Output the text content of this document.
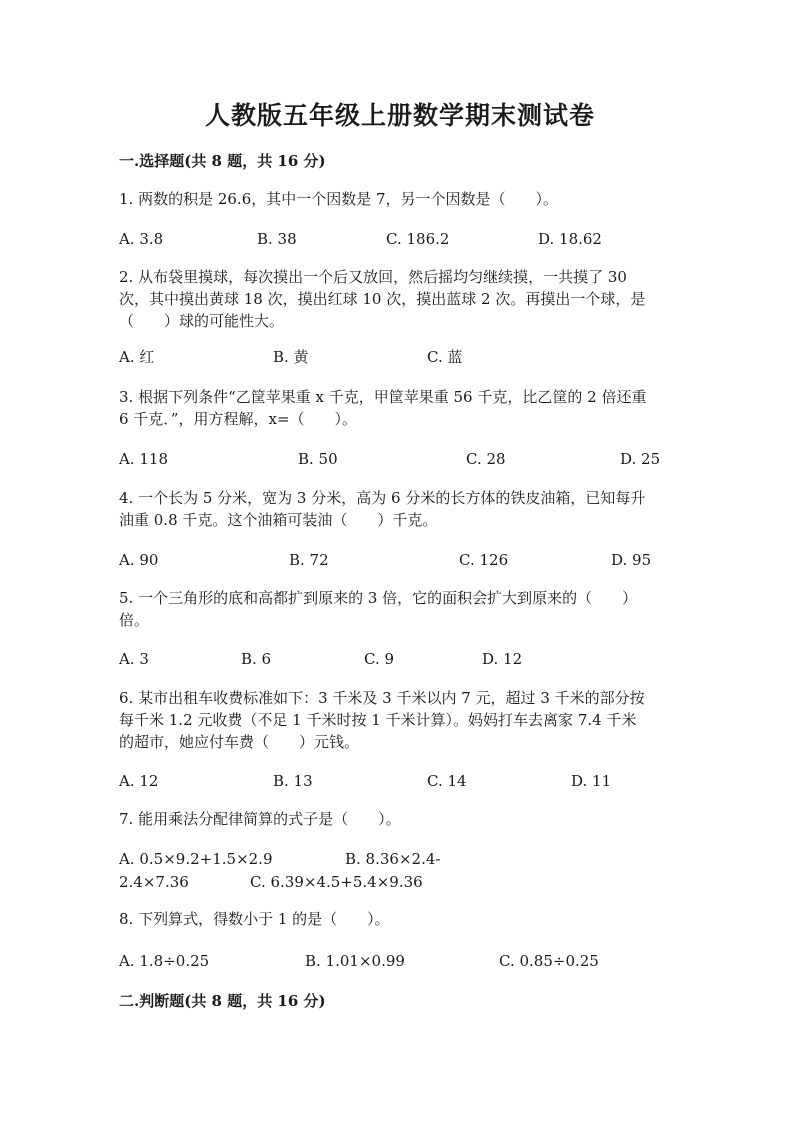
人教版五年级上册数学期末测试卷
一.选择题(共 8 题，共 16 分)

1. 两数的积是 26.6，其中一个因数是 7，另一个因数是（　　）。

A. 3.8	B. 38	C. 186.2	D. 18.62
2. 从布袋里摸球，每次摸出一个后又放回，然后摇均匀继续摸，一共摸了 30
次，其中摸出黄球 18 次，摸出红球 10 次，摸出蓝球 2 次。再摸出一个球，是
（　　）球的可能性大。
A. 红	B. 黄	C. 蓝
3. 根据下列条件“乙筐苹果重 x 千克，甲筐苹果重 56 千克，比乙筐的 2 倍还重
6 千克．”，用方程解，x=（　　）。
A. 118	B. 50	C. 28	D. 25
4. 一个长为 5 分米，宽为 3 分米，高为 6 分米的长方体的铁皮油箱，已知每升
油重 0.8 千克。这个油箱可装油（　　）千克。
A. 90	B. 72	C. 126	D. 95
5. 一个三角形的底和高都扩到原来的 3 倍，它的面积会扩大到原来的（　　）
倍。
A. 3	B. 6	C. 9	D. 12
6. 某市出租车收费标准如下：3 千米及 3 千米以内 7 元，超过 3 千米的部分按
每千米 1.2 元收费（不足 1 千米时按 1 千米计算）。妈妈打车去离家 7.4 千米
的超市，她应付车费（　　）元钱。
A. 12	B. 13	C. 14	D. 11

7. 能用乘法分配律简算的式子是（　　）。

A. 0.5×9.2+1.5×2.9	B. 8.36×2.4-
2.4×7.36	C. 6.39×4.5+5.4×9.36

8. 下列算式，得数小于 1 的是（　　）。

A. 1.8÷0.25	B. 1.01×0.99	C. 0.85÷0.25
二.判断题(共 8 题，共 16 分)
